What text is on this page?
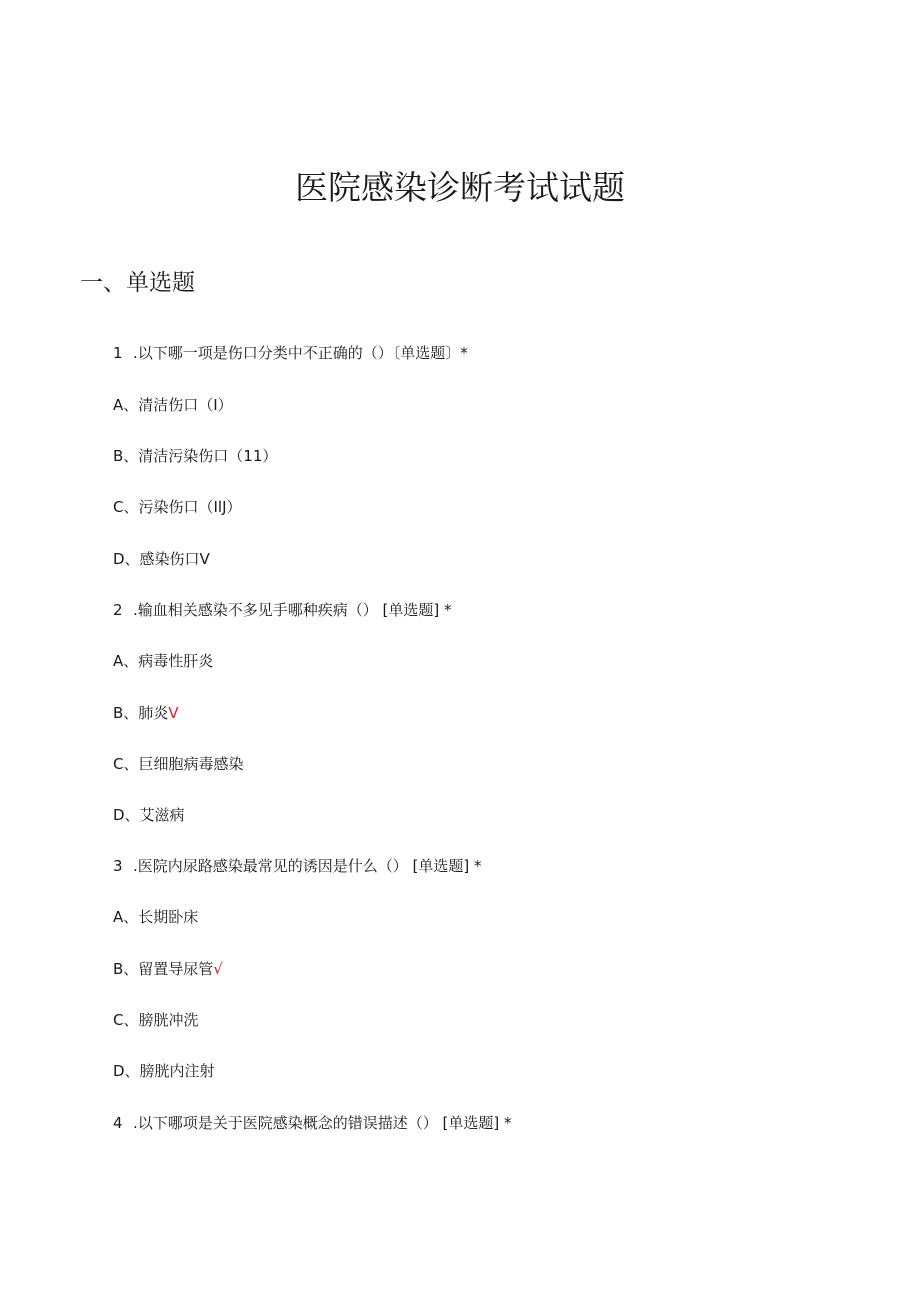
医院感染诊断考试试题
一、单选题
1 .以下哪一项是伤口分类中不正确的（）〔单选题〕*
A、清洁伤口（I）
B、清洁污染伤口（11）
C、污染伤口（IlJ）
D、感染伤口V
2 .输血相关感染不多见手哪种疾病（） [单选题] *
A、病毒性肝炎
B、肺炎V
C、巨细胞病毒感染
D、艾滋病
3 .医院内尿路感染最常见的诱因是什么（） [单选题] *
A、长期卧床
B、留置导尿管√
C、膀胱冲洗
D、膀胱内注射
4 .以下哪项是关于医院感染概念的错误描述（） [单选题] *
